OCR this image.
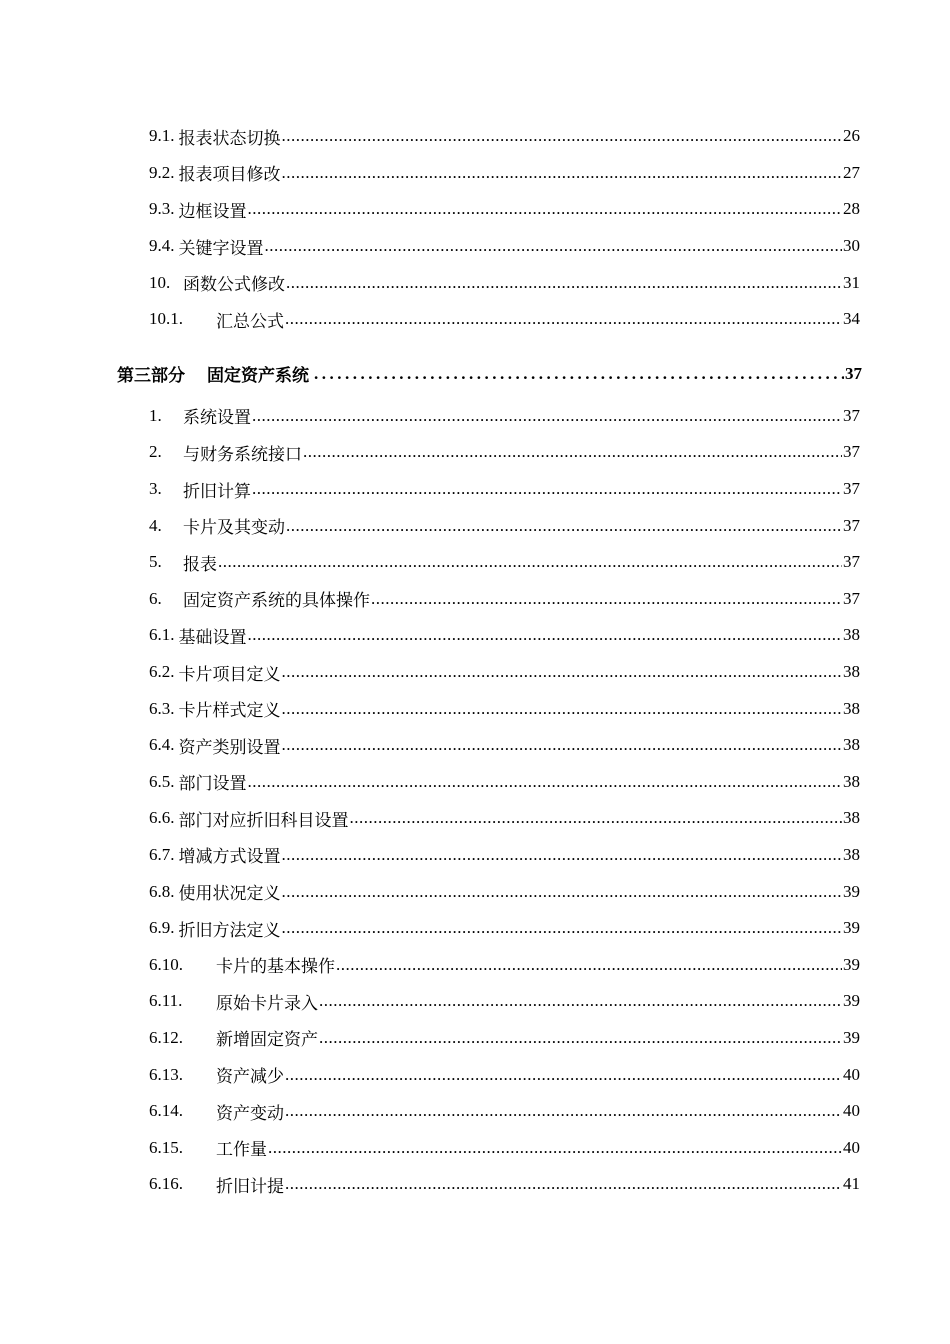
9.1. 报表状态切换 .....	26
9.2. 报表项目修改 .....	27
9.3. 边框设置 .....	28
9.4. 关键字设置 .....	30
10. 函数公式修改 .....	31
10.1.	汇总公式 .....	34
第三部分 固定资产系统 .....	37
1.	系统设置 .....	37
2.	与财务系统接口 .....	37
3.	折旧计算 .....	37
4.	卡片及其变动 .....	37
5.	报表 .....	37
6.	固定资产系统的具体操作 .....	37
6.1. 基础设置 .....	38
6.2. 卡片项目定义 .....	38
6.3. 卡片样式定义 .....	38
6.4. 资产类别设置 .....	38
6.5. 部门设置 .....	38
6.6. 部门对应折旧科目设置 .....	38
6.7. 增减方式设置 .....	38
6.8. 使用状况定义 .....	39
6.9. 折旧方法定义 .....	39
6.10.	卡片的基本操作 .....	39
6.11.	原始卡片录入 .....	39
6.12.	新增固定资产 .....	39
6.13.	资产减少 .....	40
6.14.	资产变动 .....	40
6.15.	工作量 .....	40
6.16.	折旧计提 .....	41
